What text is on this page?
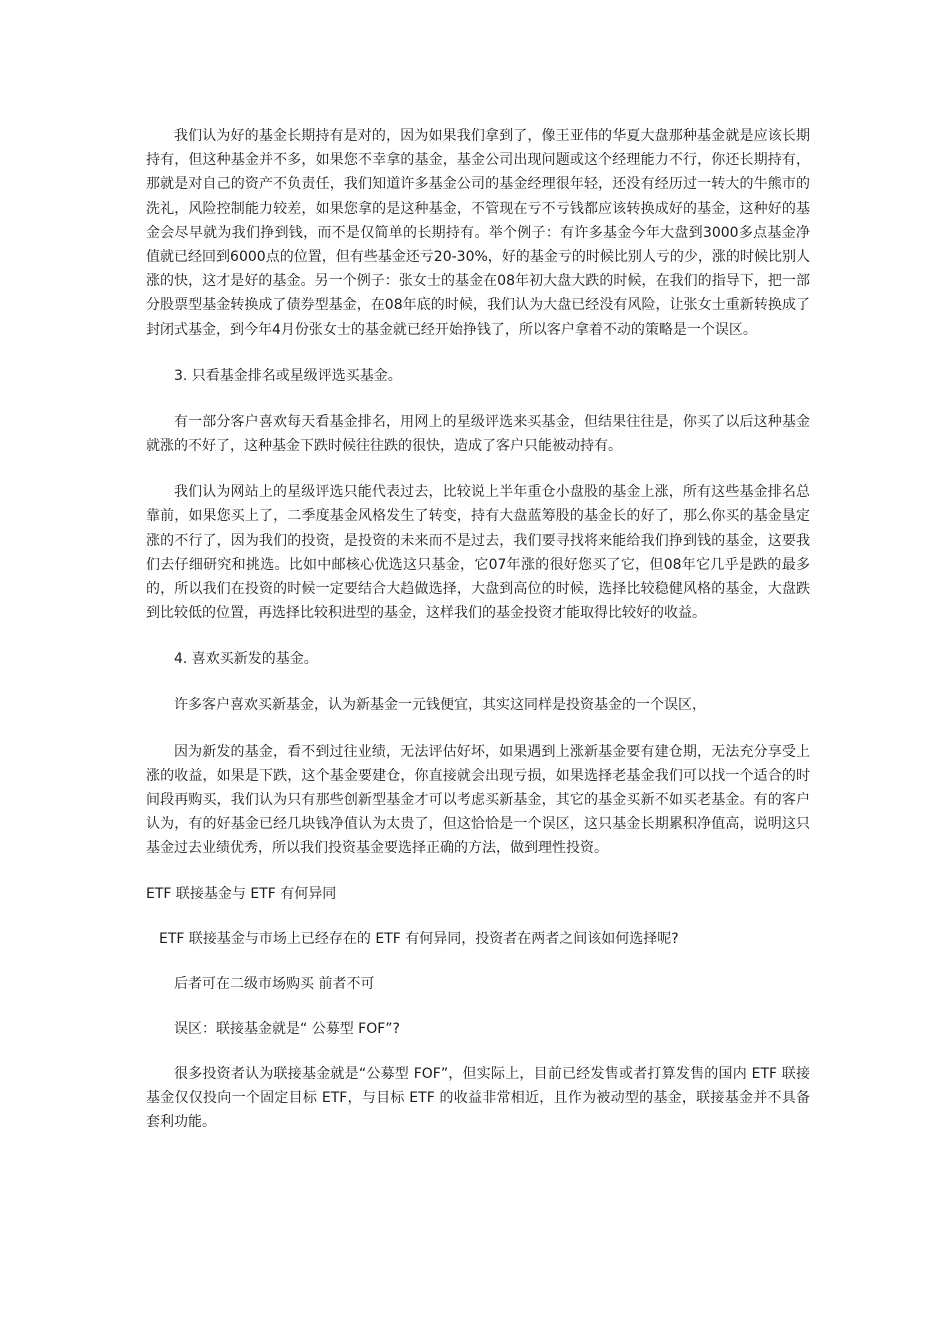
我们认为好的基金长期持有是对的，因为如果我们拿到了，像王亚伟的华夏大盘那种基金就是应该长期持有，但这种基金并不多，如果您不幸拿的基金，基金公司出现问题或这个经理能力不行，你还长期持有，那就是对自己的资产不负责任，我们知道许多基金公司的基金经理很年轻，还没有经历过一转大的牛熊市的洗礼，风险控制能力较差，如果您拿的是这种基金，不管现在亏不亏钱都应该转换成好的基金，这种好的基金会尽早就为我们挣到钱，而不是仅简单的长期持有。举个例子：有许多基金今年大盘到3000多点基金净值就已经回到6000点的位置，但有些基金还亏20-30%，好的基金亏的时候比别人亏的少，涨的时候比别人涨的快，这才是好的基金。另一个例子：张女士的基金在08年初大盘大跌的时候，在我们的指导下，把一部分股票型基金转换成了债券型基金，在08年底的时候，我们认为大盘已经没有风险，让张女士重新转换成了封闭式基金，到今年4月份张女士的基金就已经开始挣钱了，所以客户拿着不动的策略是一个误区。

3. 只看基金排名或星级评选买基金。

有一部分客户喜欢每天看基金排名，用网上的星级评选来买基金，但结果往往是，你买了以后这种基金就涨的不好了，这种基金下跌时候往往跌的很快，造成了客户只能被动持有。

我们认为网站上的星级评选只能代表过去，比较说上半年重仓小盘股的基金上涨，所有这些基金排名总靠前，如果您买上了，二季度基金风格发生了转变，持有大盘蓝筹股的基金长的好了，那么你买的基金垦定涨的不行了，因为我们的投资，是投资的未来而不是过去，我们要寻找将来能给我们挣到钱的基金，这要我们去仔细研究和挑选。比如中邮核心优选这只基金，它07年涨的很好您买了它，但08年它几乎是跌的最多的，所以我们在投资的时候一定要结合大趋做选择，大盘到高位的时候，选择比较稳健风格的基金，大盘跌到比较低的位置，再选择比较积进型的基金，这样我们的基金投资才能取得比较好的收益。

4. 喜欢买新发的基金。

许多客户喜欢买新基金，认为新基金一元钱便宜，其实这同样是投资基金的一个误区，

因为新发的基金，看不到过往业绩，无法评估好坏，如果遇到上涨新基金要有建仓期，无法充分享受上涨的收益，如果是下跌，这个基金要建仓，你直接就会出现亏损，如果选择老基金我们可以找一个适合的时间段再购买，我们认为只有那些创新型基金才可以考虑买新基金，其它的基金买新不如买老基金。有的客户认为，有的好基金已经几块钱净值认为太贵了，但这恰恰是一个误区，这只基金长期累积净值高，说明这只基金过去业绩优秀，所以我们投资基金要选择正确的方法，做到理性投资。

ETF 联接基金与 ETF 有何异同

ETF 联接基金与市场上已经存在的 ETF 有何异同，投资者在两者之间该如何选择呢?

后者可在二级市场购买 前者不可

误区：联接基金就是“ 公募型 FOF”?

很多投资者认为联接基金就是“公募型 FOF”，但实际上，目前已经发售或者打算发售的国内 ETF 联接基金仅仅投向一个固定目标 ETF，与目标 ETF 的收益非常相近，且作为被动型的基金，联接基金并不具备套利功能。
